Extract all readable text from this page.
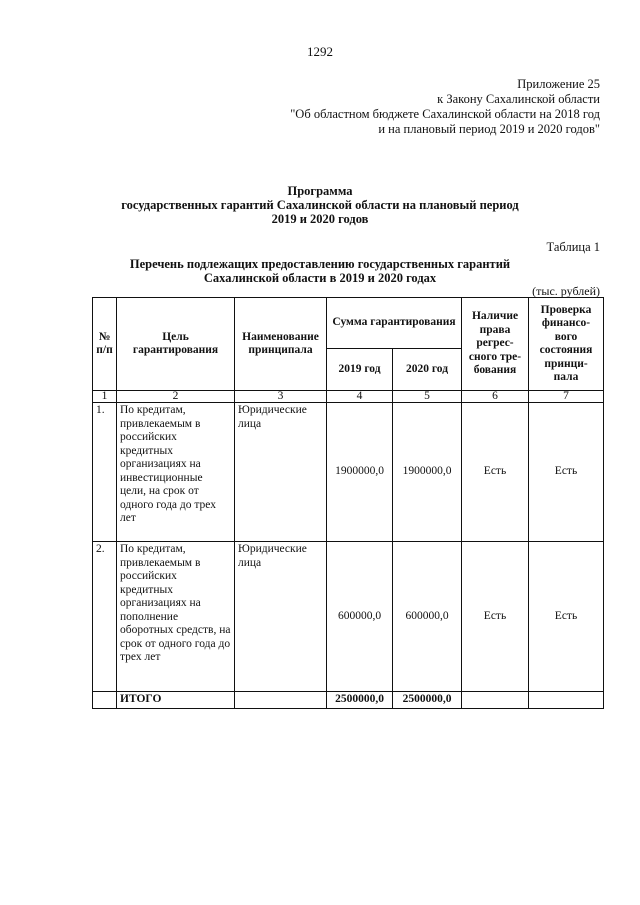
1292
Приложение 25
к Закону Сахалинской области
"Об областном бюджете Сахалинской области на 2018 год
и на плановый период 2019 и 2020 годов"
Программа
государственных гарантий Сахалинской области на плановый период
2019 и 2020 годов
Таблица 1
Перечень подлежащих предоставлению государственных гарантий
Сахалинской области в 2019 и 2020 годах
(тыс. рублей)
№ п/п	Цель гарантирования	Наименование принципала	Сумма гарантирования		Наличие права регрес-сного тре-бования	Проверка финансо-вого состояния принци-пала
			2019 год	2020 год		
1	2	3	4	5	6	7
1.	По кредитам, привлекаемым в российских кредитных организациях на инвестиционные цели, на срок от одного года до трех лет	Юридические лица	1900000,0	1900000,0	Есть	Есть
2.	По кредитам, привлекаемым в российских кредитных организациях на пополнение оборотных средств, на срок от одного года до трех лет	Юридические лица	600000,0	600000,0	Есть	Есть
	ИТОГО		2500000,0	2500000,0		
